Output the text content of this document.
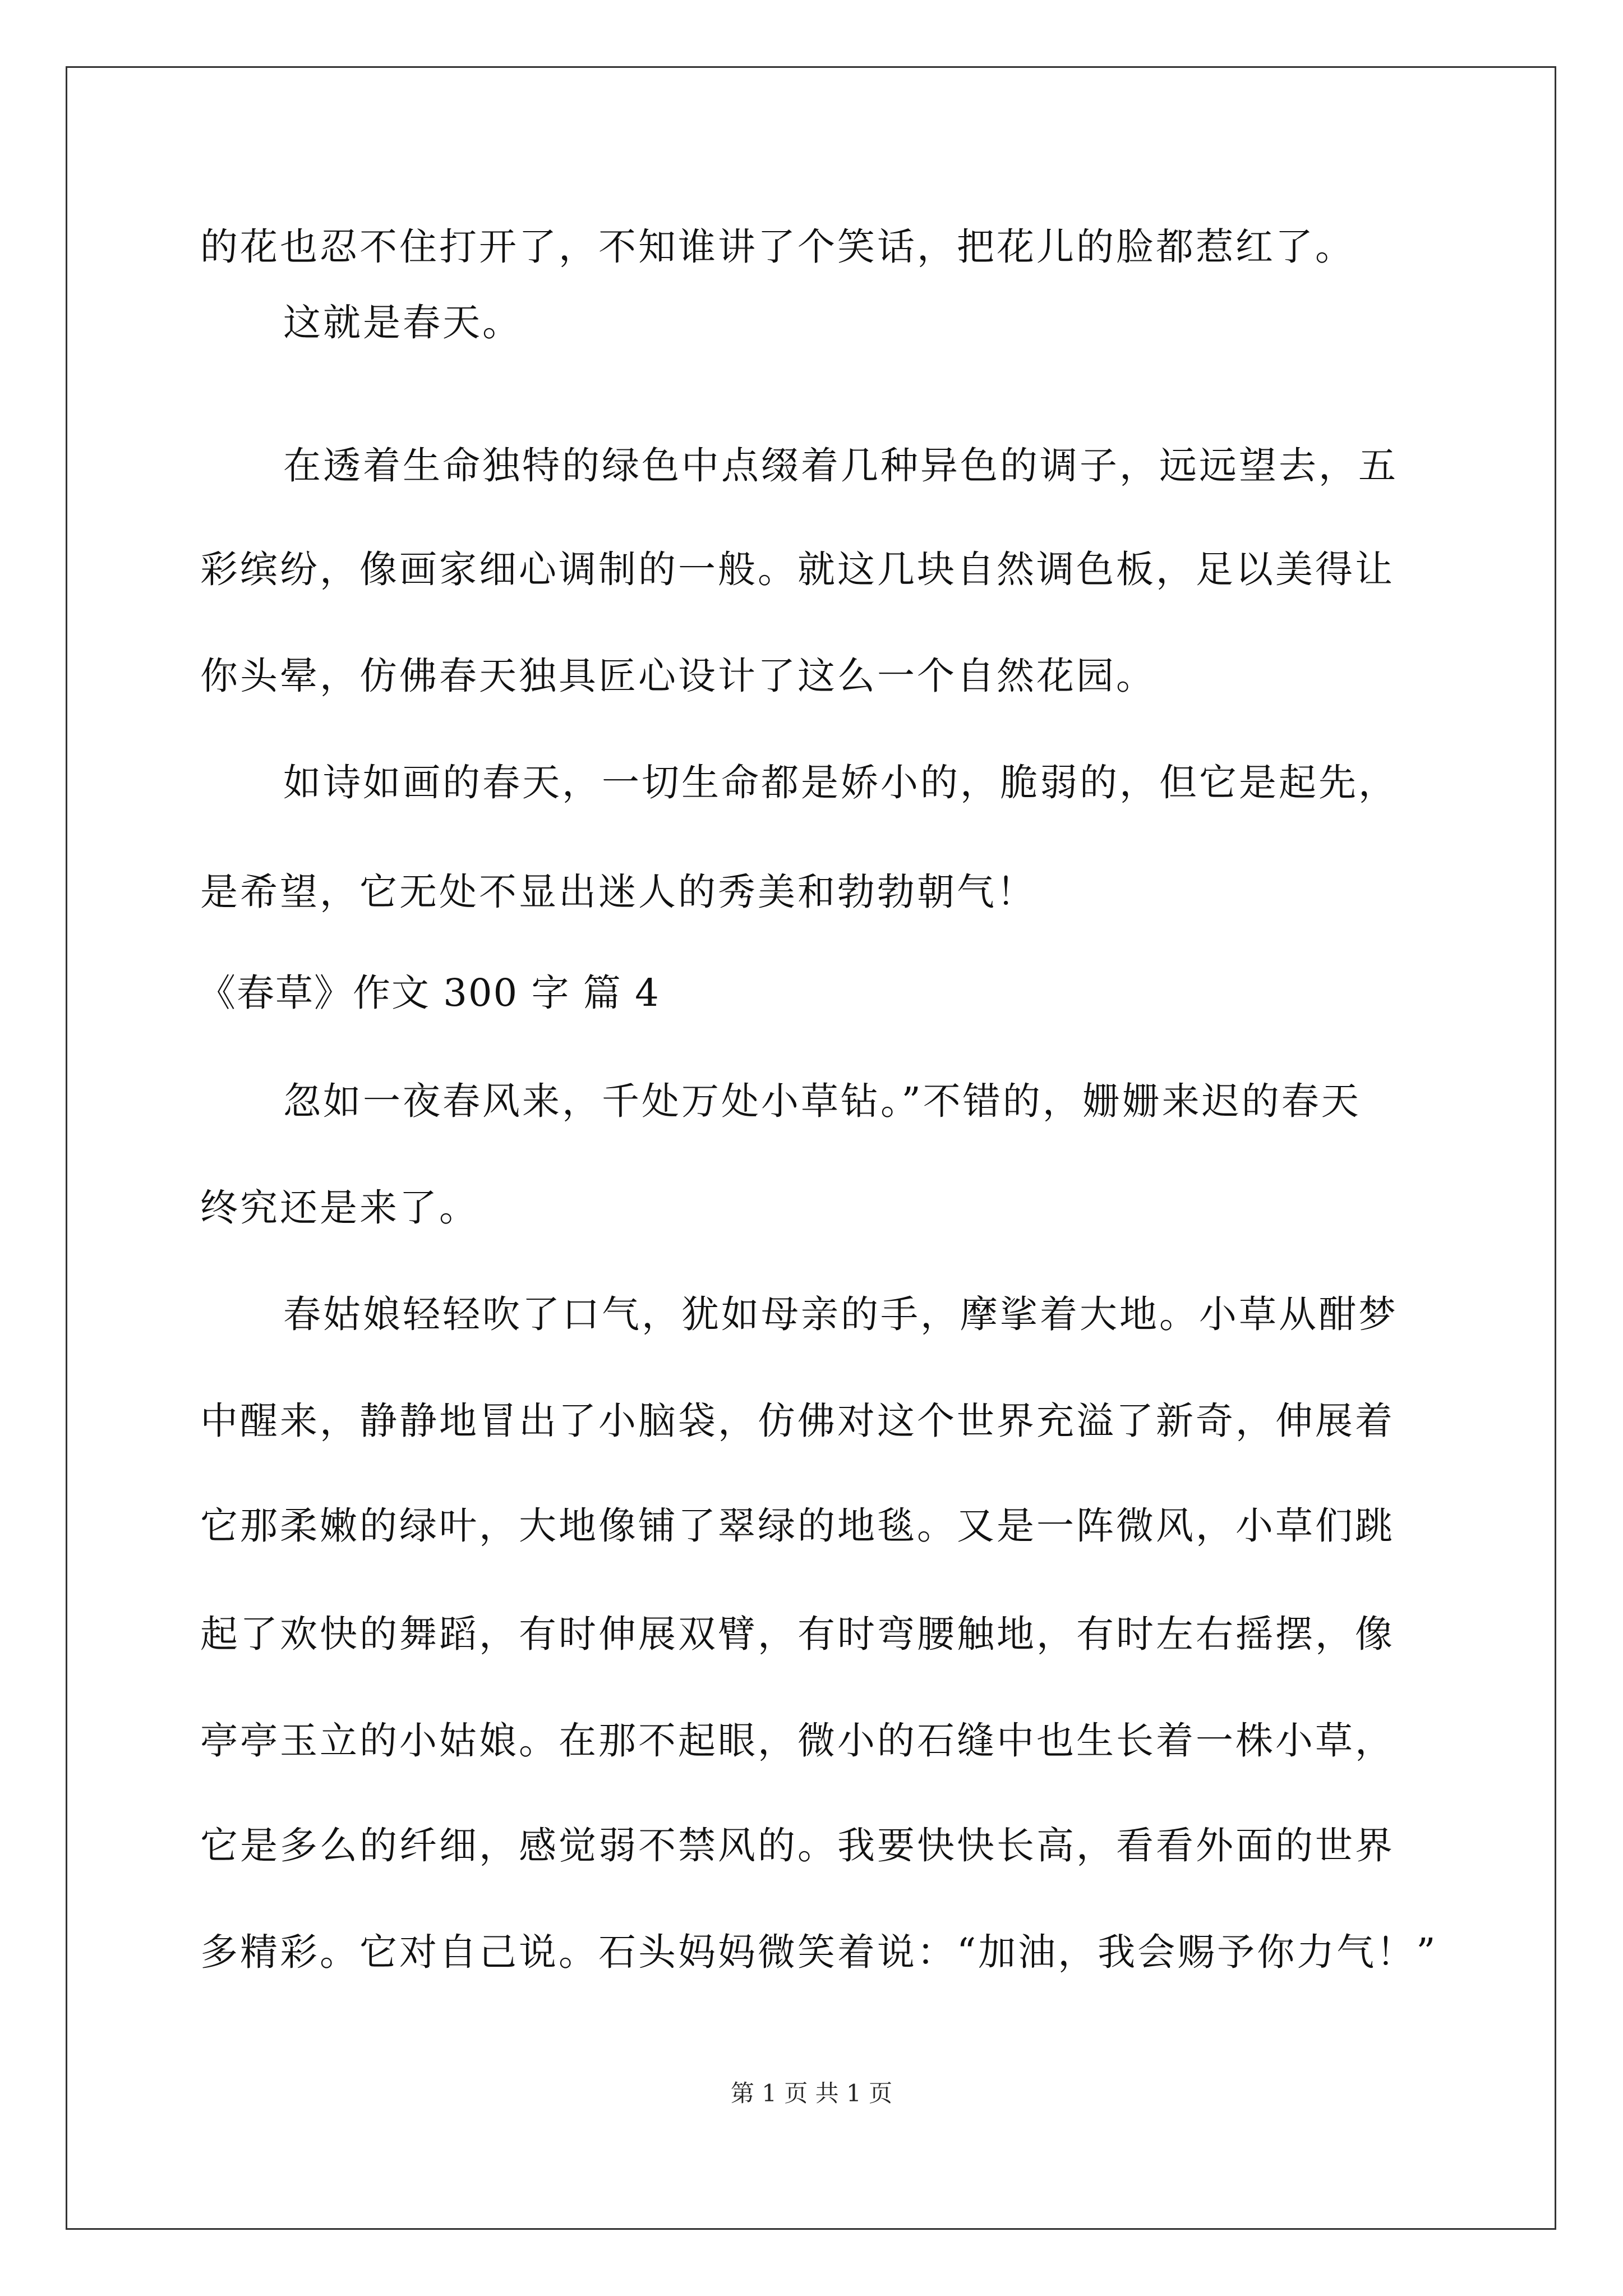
的花也忍不住打开了，不知谁讲了个笑话，把花儿的脸都惹红了。
这就是春天。
在透着生命独特的绿色中点缀着几种异色的调子，远远望去，五
彩缤纷，像画家细心调制的一般。就这几块自然调色板，足以美得让
你头晕，仿佛春天独具匠心设计了这么一个自然花园。
如诗如画的春天，一切生命都是娇小的，脆弱的，但它是起先，
是希望，它无处不显出迷人的秀美和勃勃朝气！
《春草》作文 300 字 篇 4
忽如一夜春风来，千处万处小草钻。”不错的，姗姗来迟的春天
终究还是来了。
春姑娘轻轻吹了口气，犹如母亲的手，摩挲着大地。小草从酣梦
中醒来，静静地冒出了小脑袋，仿佛对这个世界充溢了新奇，伸展着
它那柔嫩的绿叶，大地像铺了翠绿的地毯。又是一阵微风，小草们跳
起了欢快的舞蹈，有时伸展双臂，有时弯腰触地，有时左右摇摆，像
亭亭玉立的小姑娘。在那不起眼，微小的石缝中也生长着一株小草，
它是多么的纤细，感觉弱不禁风的。我要快快长高，看看外面的世界
多精彩。它对自己说。石头妈妈微笑着说：“加油，我会赐予你力气！”
第 1 页 共 1 页
